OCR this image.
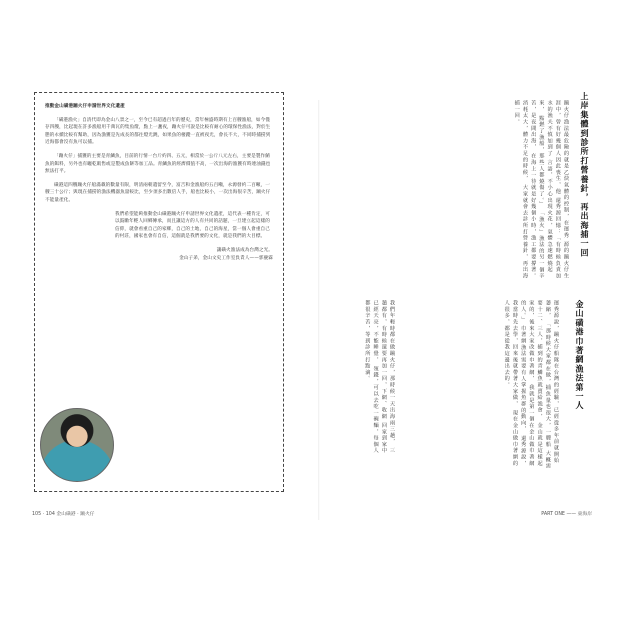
推動金山磺港蹦火仔申請世界文化遺產

「磺港漁火」自清代即為金山八景之一，至今已有超過百年的歷史，當年極盛時期有上百艘漁船，如今僅存四艘，比起現在許多漁船用千萬瓦的集魚燈，點上一盞夜，蹦火仔可說是比較有耐心的環保性漁法，對於生態的永續比較有幫助，因為漁獲是先成長的都往燈光跳，如果魚的棲蹤一直被夜光，會長不大，不同時捕撈到近海都會沒有魚可以捕。

「蹦火仔」捕獲的主要是青鱗魚，目前的行情一台斤約四、五元，相當於一公斤八元左右，主要是製作鯖魚的餌料，另外也有曬乾販售或是製成魚餅等加工品。青鱗魚的經濟價值不高，一次出海的漁獲有時連油錢也無法打平。

磺港這四艘蹦火仔船滿載的數量有限，明清兩朝遺留至今，富吉和金漁船約五百噸，永源發約二百噸，一艘三十公斤；與現在捕撈的漁法機器魚量較比，至少須多出數倍人手，船也比較小，一次出海很辛苦，蹦火仔不能量產化。

我們希望能夠推動金山磺港蹦火仔申請世界文化遺產，這代表一種肯定，可以鼓勵年輕人回鄉傳承，而且讓這方的人有共同的話題，一旦建立起這樣的信仰，就會看重自己的家鄉，自己的土地，自己的海星，當一個人會重自己的村莊，國家也會有自信，這個就是我們要的文化，就是我們的大目標。

讓磺火漁法成為台灣之光。

金山子弟，金山文史工作室負責人——郭慶霖

105 · 104 金山磺港 · 蹦火仔
上岸集體到診所打營養針，再出海捕一回
蹦火仔漁法最危險的就是乙炔氣體的控制，在運秀 源的蹦火仔生涯中，曾有好幾個人因此喪生，他 還秀源回憶：「有時候負責加水的漁夫不慎加到了 言語，不小心出現火花，氣體急速燃燒起來， 點燃了漁船，那些人都燒傷了。」 「漁火」漁法的另一個辛苦，是夜間出海， 在海上一待就是好幾個小時，漁工都要撐著。 消耗太大，體力不足的時候， 大家就會去診所打營養針，再出海捕一回。
我們年輕時都在做蹦火仔，那時候一天出海兩三趟， 三趟都有，有時候還要再加一回，下網、收網 回家到家中已經天亮，不能睡覺， 領錢，可以去吃一碗麵，每個人都很辛苦，等到診所打點滴。	金山磺港巾著網漁法第一人
運秀源說，蹦火仔船隊在台灣的經驗，已經從多年前就開始萎縮， 「那時候大家都在做，捕魚量也很大，一艘船 大概需要十二、三人，捕到的青鱗魚就賣給漁會， 金山就是這樣起家的，後來大家改做巾著網， 我就是第一個在金山做巾著網的人。」 巾著網漁法需要有人掌握魚群的動向， 還秀源說，我當時先去學，回來後就帶著大家做， 現在金山做巾著網的人很多，都是從我這邊出去的。
PART ONE —— 東海岸
